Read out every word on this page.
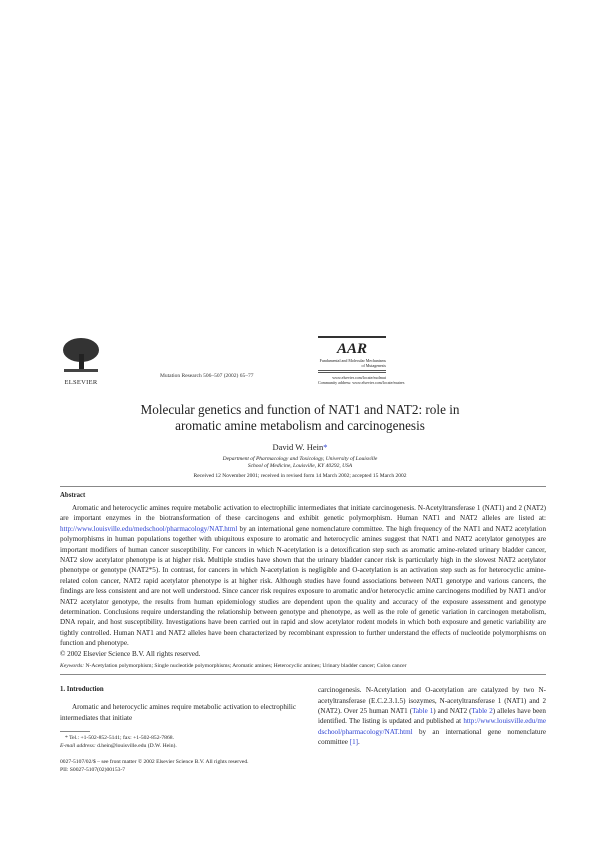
ELSEVIER
Mutation Research 506–507 (2002) 65–77
AAR
Fundamental and Molecular Mechanisms of Mutagenesis
www.elsevier.com/locate/molmut
Community address: www.elsevier.com/locate/mutres
Molecular genetics and function of NAT1 and NAT2: role in
aromatic amine metabolism and carcinogenesis
David W. Hein*
Department of Pharmacology and Toxicology, University of Louisville
School of Medicine, Louisville, KY 40292, USA
Received 12 November 2001; received in revised form 14 March 2002; accepted 15 March 2002
Abstract
Aromatic and heterocyclic amines require metabolic activation to electrophilic intermediates that initiate carcinogenesis. N-Acetyltransferase 1 (NAT1) and 2 (NAT2) are important enzymes in the biotransformation of these carcinogens and exhibit genetic polymorphism. Human NAT1 and NAT2 alleles are listed at: http://www.louisville.edu/medschool/pharmacology/NAT.html by an international gene nomenclature committee. The high frequency of the NAT1 and NAT2 acetylation polymorphisms in human populations together with ubiquitous exposure to aromatic and heterocyclic amines suggest that NAT1 and NAT2 acetylator genotypes are important modifiers of human cancer susceptibility. For cancers in which N-acetylation is a detoxification step such as aromatic amine-related urinary bladder cancer, NAT2 slow acetylator phenotype is at higher risk. Multiple studies have shown that the urinary bladder cancer risk is particularly high in the slowest NAT2 acetylator phenotype or genotype (NAT2*5). In contrast, for cancers in which N-acetylation is negligible and O-acetylation is an activation step such as for heterocyclic amine-related colon cancer, NAT2 rapid acetylator phenotype is at higher risk. Although studies have found associations between NAT1 genotype and various cancers, the findings are less consistent and are not well understood. Since cancer risk requires exposure to aromatic and/or heterocyclic amine carcinogens modified by NAT1 and/or NAT2 acetylator genotype, the results from human epidemiology studies are dependent upon the quality and accuracy of the exposure assessment and genotype determination. Conclusions require understanding the relationship between genotype and phenotype, as well as the role of genetic variation in carcinogen metabolism, DNA repair, and host susceptibility. Investigations have been carried out in rapid and slow acetylator rodent models in which both exposure and genetic variability are tightly controlled. Human NAT1 and NAT2 alleles have been characterized by recombinant expression to further understand the effects of nucleotide polymorphisms on function and phenotype.
© 2002 Elsevier Science B.V. All rights reserved.
Keywords: N-Acetylation polymorphism; Single nucleotide polymorphisms; Aromatic amines; Heterocyclic amines; Urinary bladder cancer; Colon cancer
1. Introduction
Aromatic and heterocyclic amines require metabolic activation to electrophilic intermediates that initiate
* Tel.: +1-502-852-5141; fax: +1-502-852-7868.
E-mail address: d.hein@louisville.edu (D.W. Hein).
carcinogenesis. N-Acetylation and O-acetylation are catalyzed by two N-acetyltransferase (E.C.2.3.1.5) isozymes, N-acetyltransferase 1 (NAT1) and 2 (NAT2). Over 25 human NAT1 (Table 1) and NAT2 (Table 2) alleles have been identified. The listing is updated and published at http://www.louisville.edu/medschool/pharmacology/NAT.html by an international gene nomenclature committee [1].
0027-5107/02/$ – see front matter © 2002 Elsevier Science B.V. All rights reserved.
PII: S0027-5107(02)00153-7
